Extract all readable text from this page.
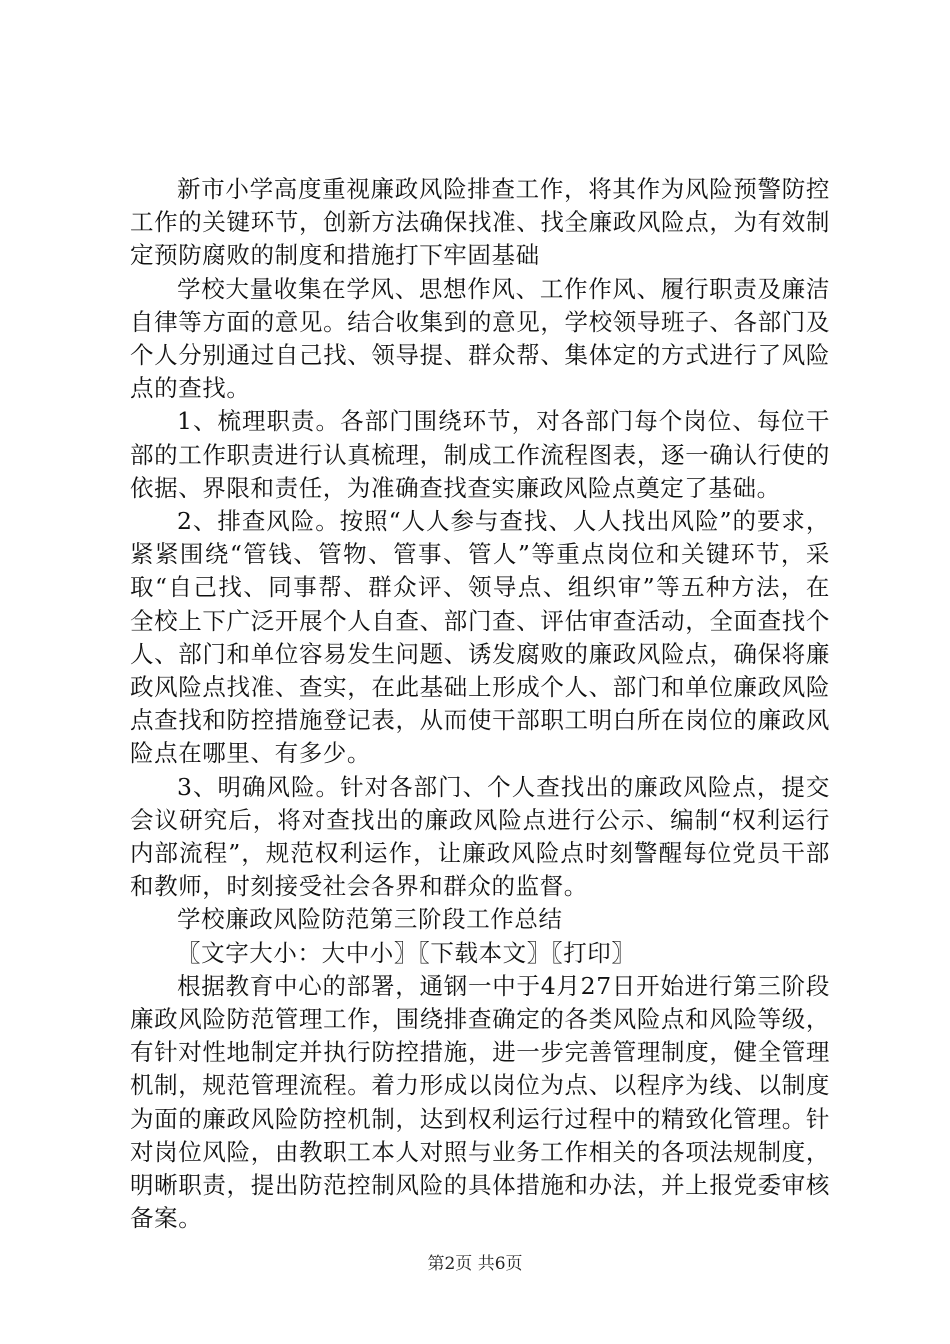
新市小学高度重视廉政风险排查工作，将其作为风险预警防控工作的关键环节，创新方法确保找准、找全廉政风险点，为有效制定预防腐败的制度和措施打下牢固基础

学校大量收集在学风、思想作风、工作作风、履行职责及廉洁自律等方面的意见。结合收集到的意见，学校领导班子、各部门及个人分别通过自己找、领导提、群众帮、集体定的方式进行了风险点的查找。

1、梳理职责。各部门围绕环节，对各部门每个岗位、每位干部的工作职责进行认真梳理，制成工作流程图表，逐一确认行使的依据、界限和责任，为准确查找查实廉政风险点奠定了基础。

2、排查风险。按照“人人参与查找、人人找出风险”的要求，紧紧围绕“管钱、管物、管事、管人”等重点岗位和关键环节，采取“自己找、同事帮、群众评、领导点、组织审”等五种方法，在全校上下广泛开展个人自查、部门查、评估审查活动，全面查找个人、部门和单位容易发生问题、诱发腐败的廉政风险点，确保将廉政风险点找准、查实，在此基础上形成个人、部门和单位廉政风险点查找和防控措施登记表，从而使干部职工明白所在岗位的廉政风险点在哪里、有多少。

3、明确风险。针对各部门、个人查找出的廉政风险点，提交会议研究后，将对查找出的廉政风险点进行公示、编制“权利运行内部流程”，规范权利运作，让廉政风险点时刻警醒每位党员干部和教师，时刻接受社会各界和群众的监督。

学校廉政风险防范第三阶段工作总结

〖文字大小：大中小〗〖下载本文〗〖打印〗

根据教育中心的部署，通钢一中于4月27日开始进行第三阶段廉政风险防范管理工作，围绕排查确定的各类风险点和风险等级，有针对性地制定并执行防控措施，进一步完善管理制度，健全管理机制，规范管理流程。着力形成以岗位为点、以程序为线、以制度为面的廉政风险防控机制，达到权利运行过程中的精致化管理。针对岗位风险，由教职工本人对照与业务工作相关的各项法规制度，明晰职责，提出防范控制风险的具体措施和办法，并上报党委审核备案。

第2页 共6页
